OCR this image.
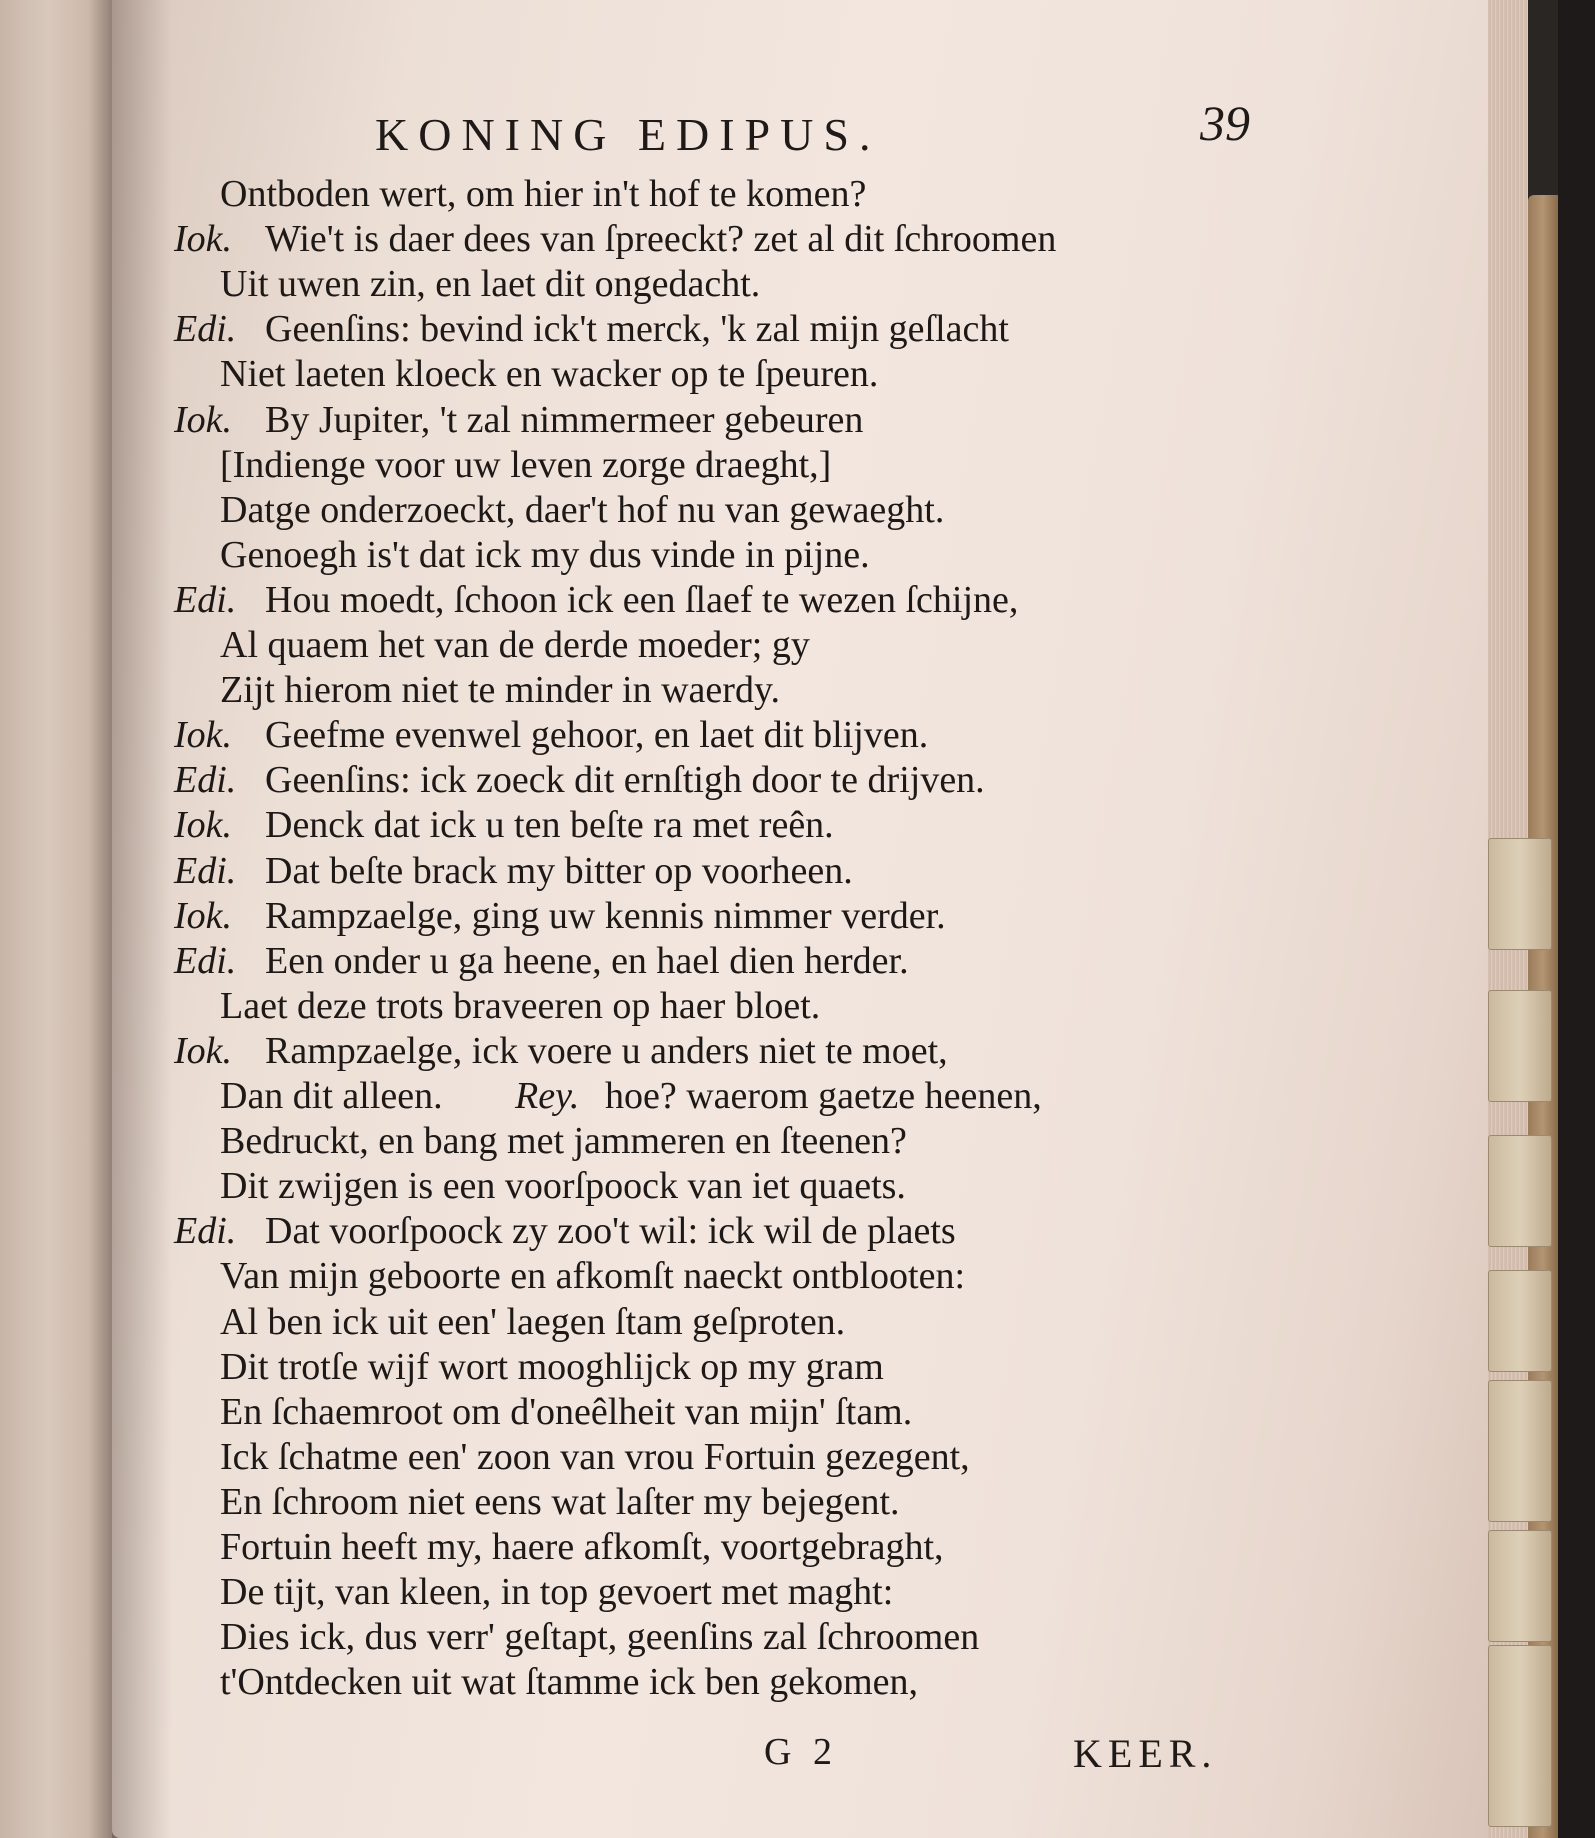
KONING EDIPUS.	39
Ontboden wert, om hier in't hof te komen?
Iok. Wie't is daer dees van ſpreeckt? zet al dit ſchroomen
Uit uwen zin, en laet dit ongedacht.
Edi. Geenſins: bevind ick't merck, 'k zal mijn geſlacht
Niet laeten kloeck en wacker op te ſpeuren.
Iok. By Jupiter, 't zal nimmermeer gebeuren
[Indienge voor uw leven zorge draeght,]
Datge onderzoeckt, daer't hof nu van gewaeght.
Genoegh is't dat ick my dus vinde in pijne.
Edi. Hou moedt, ſchoon ick een ſlaef te wezen ſchijne,
Al quaem het van de derde moeder; gy
Zijt hierom niet te minder in waerdy.
Iok. Geefme evenwel gehoor, en laet dit blijven.
Edi. Geenſins: ick zoeck dit ernſtigh door te drijven.
Iok. Denck dat ick u ten beſte ra met reên.
Edi. Dat beſte brack my bitter op voorheen.
Iok. Rampzaelge, ging uw kennis nimmer verder.
Edi. Een onder u ga heene, en hael dien herder.
Laet deze trots braveeren op haer bloet.
Iok. Rampzaelge, ick voere u anders niet te moet,
Dan dit alleen. Rey. hoe? waerom gaetze heenen,
Bedruckt, en bang met jammeren en ſteenen?
Dit zwijgen is een voorſpoock van iet quaets.
Edi. Dat voorſpoock zy zoo't wil: ick wil de plaets
Van mijn geboorte en afkomſt naeckt ontblooten:
Al ben ick uit een' laegen ſtam geſproten.
Dit trotſe wijf wort mooghlijck op my gram
En ſchaemroot om d'oneêlheit van mijn' ſtam.
Ick ſchatme een' zoon van vrou Fortuin gezegent,
En ſchroom niet eens wat laſter my bejegent.
Fortuin heeft my, haere afkomſt, voortgebraght,
De tijt, van kleen, in top gevoert met maght:
Dies ick, dus verr' geſtapt, geenſins zal ſchroomen
t'Ontdecken uit wat ſtamme ick ben gekomen,
G 2	KEER.
